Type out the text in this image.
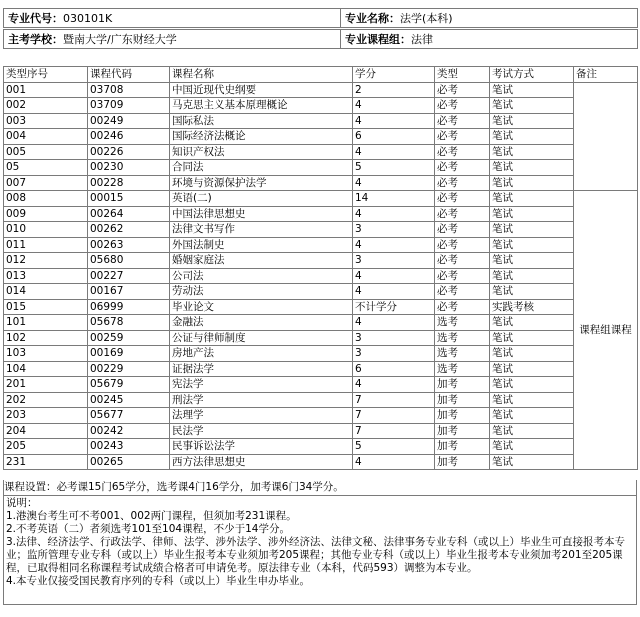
专业代号：030101K	专业名称：法学(本科)
主考学校：暨南大学/广东财经大学	专业课程组：法律
类型序号	课程代码	课程名称	学分	类型	考试方式	备注
001	03708	中国近现代史纲要	2	必考	笔试	
002	03709	马克思主义基本原理概论	4	必考	笔试	
003	00249	国际私法	4	必考	笔试	
004	00246	国际经济法概论	6	必考	笔试	
005	00226	知识产权法	4	必考	笔试	
05	00230	合同法	5	必考	笔试	
007	00228	环境与资源保护法学	4	必考	笔试	
008	00015	英语(二)	14	必考	笔试	课程组课程
009	00264	中国法律思想史	4	必考	笔试	
010	00262	法律文书写作	3	必考	笔试	
011	00263	外国法制史	4	必考	笔试	
012	05680	婚姻家庭法	3	必考	笔试	
013	00227	公司法	4	必考	笔试	
014	00167	劳动法	4	必考	笔试	
015	06999	毕业论文	不计学分	必考	实践考核	
101	05678	金融法	4	选考	笔试	
102	00259	公证与律师制度	3	选考	笔试	
103	00169	房地产法	3	选考	笔试	
104	00229	证据法学	6	选考	笔试	
201	05679	宪法学	4	加考	笔试	
202	00245	刑法学	7	加考	笔试	
203	05677	法理学	7	加考	笔试	
204	00242	民法学	7	加考	笔试	
205	00243	民事诉讼法学	5	加考	笔试	
231	00265	西方法律思想史	4	加考	笔试	
课程设置：必考课15门65学分，选考课4门16学分，加考课6门34学分。
说明：
1.港澳台考生可不考001、002两门课程，但须加考231课程。
2.不考英语（二）者须选考101至104课程，不少于14学分。
3.法律、经济法学、行政法学、律师、法学、涉外法学、涉外经济法、法律文秘、法律事务专业专科（或以上）毕业生可直接报考本专业；监所管理专业专科（或以上）毕业生报考本专业须加考205课程；其他专业专科（或以上）毕业生报考本专业须加考201至205课程，已取得相同名称课程考试成绩合格者可申请免考。原法律专业（本科，代码593）调整为本专业。
4.本专业仅接受国民教育序列的专科（或以上）毕业生申办毕业。
